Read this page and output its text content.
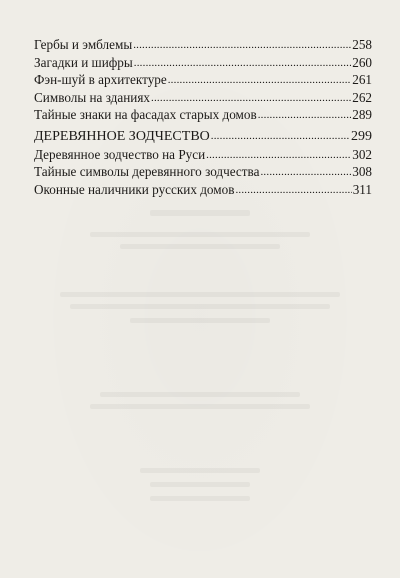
Гербы и эмблемы .....	258
Загадки и шифры .....	260
Фэн-шуй в архитектуре .....	261
Символы на зданиях .....	262
Тайные знаки на фасадах старых домов .....	289
ДЕРЕВЯННОЕ ЗОДЧЕСТВО .....	299
Деревянное зодчество на Руси .....	302
Тайные символы деревянного зодчества .....	308
Оконные наличники русских домов .....	311
